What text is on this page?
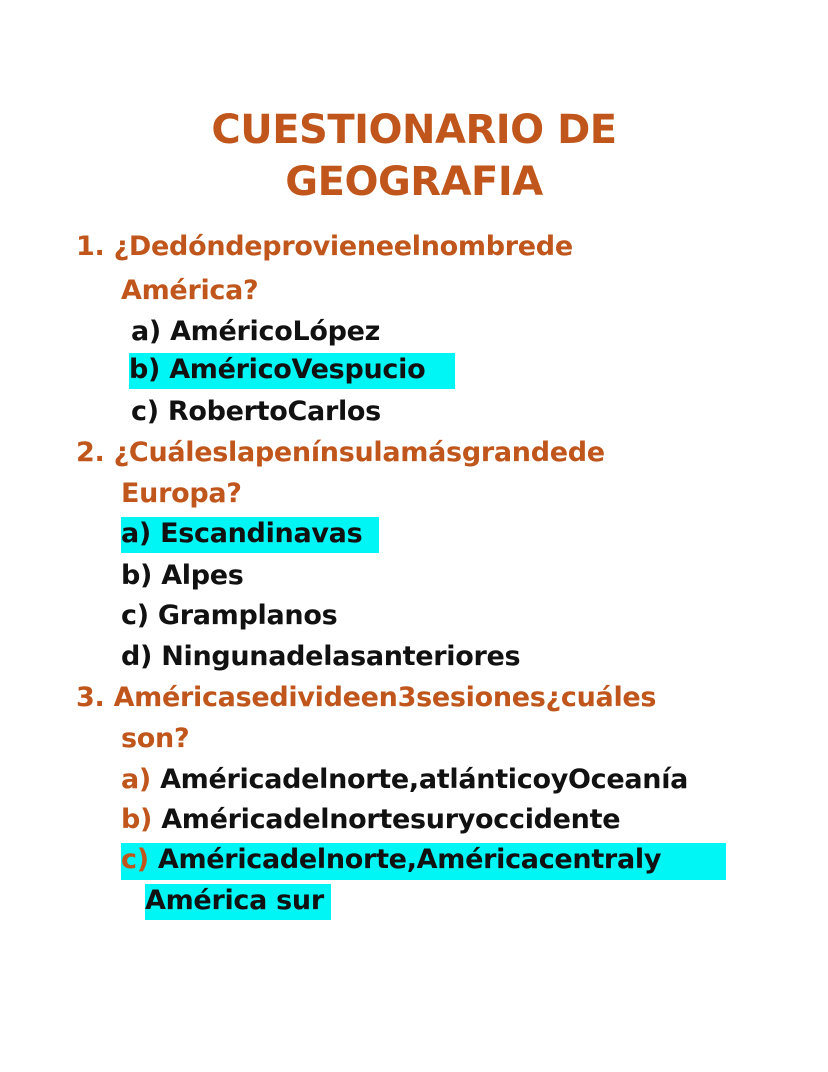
CUESTIONARIO DE
GEOGRAFIA
1. ¿Dedóndeprovieneelnombrede
América?
a) AméricoLópez
b) AméricoVespucio
c) RobertoCarlos
2. ¿Cuáleslapenínsulamásgrandede
Europa?
a) Escandinavas
b) Alpes
c) Gramplanos
d) Ningunadelasanteriores
3. Américasedivideen3sesiones¿cuáles
son?
a) Américadelnorte,atlánticoyOceanía
b) Américadelnortesuryoccidente
c) Américadelnorte,Américacentraly
América sur
